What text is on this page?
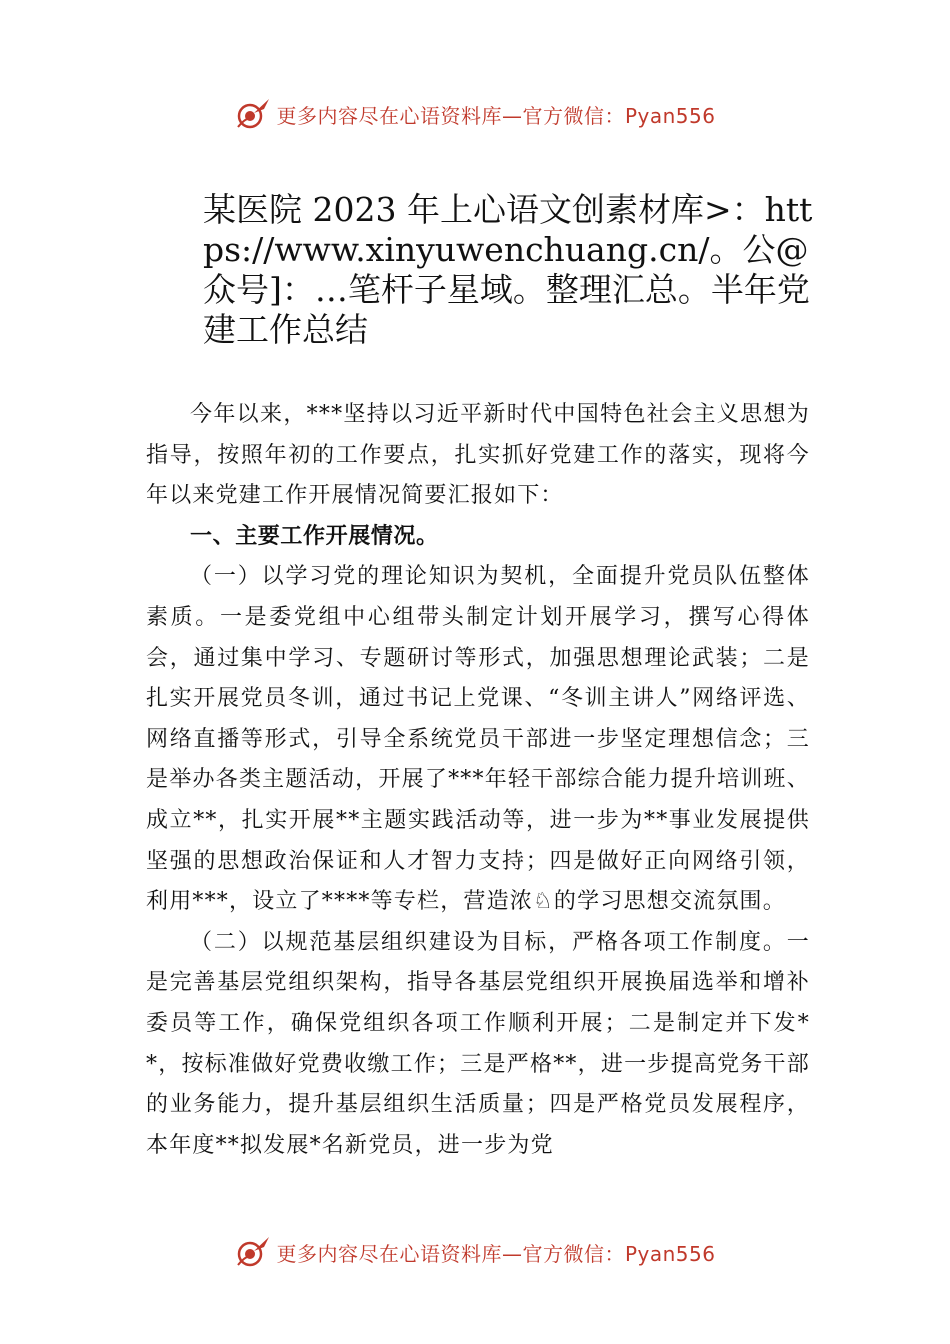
更多内容尽在心语资料库—官方微信：Pyan556
某医院 2023 年上心语文创素材库>：https://www.xinyuwenchuang.cn/。公@众号]：…笔杆子星域。整理汇总。半年党建工作总结

今年以来，***坚持以习近平新时代中国特色社会主义思想为指导，按照年初的工作要点，扎实抓好党建工作的落实，现将今年以来党建工作开展情况简要汇报如下：

一、主要工作开展情况。

（一）以学习党的理论知识为契机，全面提升党员队伍整体素质。一是委党组中心组带头制定计划开展学习，撰写心得体会，通过集中学习、专题研讨等形式，加强思想理论武装；二是扎实开展党员冬训，通过书记上党课、“冬训主讲人”网络评选、网络直播等形式，引导全系统党员干部进一步坚定理想信念；三是举办各类主题活动，开展了***年轻干部综合能力提升培训班、成立**，扎实开展**主题实践活动等，进一步为**事业发展提供坚强的思想政治保证和人才智力支持；四是做好正向网络引领，利用***，设立了****等专栏，营造浓♘的学习思想交流氛围。

（二）以规范基层组织建设为目标，严格各项工作制度。一是完善基层党组织架构，指导各基层党组织开展换届选举和增补委员等工作，确保党组织各项工作顺利开展；二是制定并下发**，按标准做好党费收缴工作；三是严格**，进一步提高党务干部的业务能力，提升基层组织生活质量；四是严格党员发展程序，本年度**拟发展*名新党员，进一步为党

更多内容尽在心语资料库—官方微信：Pyan556
